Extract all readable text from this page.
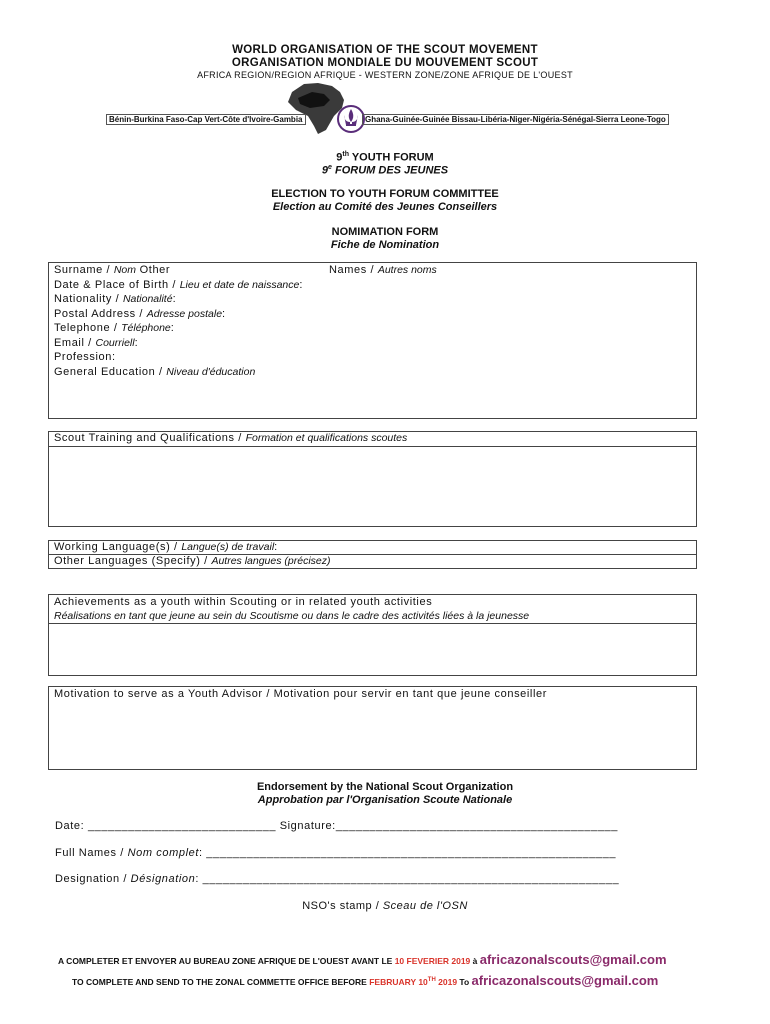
WORLD ORGANISATION OF THE SCOUT MOVEMENT
ORGANISATION MONDIALE DU MOUVEMENT SCOUT
AFRICA REGION/REGION AFRIQUE - WESTERN ZONE/ZONE AFRIQUE DE L'OUEST
Bénin-Burkina Faso-Cap Vert-Côte d'Ivoire-Gambia	Ghana-Guinée-Guinée Bissau-Libéria-Niger-Nigéria-Sénégal-Sierra Leone-Togo
9th YOUTH FORUM
9e FORUM DES JEUNES
ELECTION TO YOUTH FORUM COMMITTEE
Election au Comité des Jeunes Conseillers
NOMIMATION FORM
Fiche de Nomination
Surname / Nom Other	Names / Autres noms
Date & Place of Birth / Lieu et date de naissance:
Nationality / Nationalité:
Postal Address / Adresse postale:
Telephone / Téléphone:
Email / Courriell:
Profession:
General Education / Niveau d'éducation
Scout Training and Qualifications / Formation et qualifications scoutes
Working Language(s) / Langue(s) de travail:
Other Languages (Specify) / Autres langues (précisez)
Achievements as a youth within Scouting or in related youth activities
Réalisations en tant que jeune au sein du Scoutisme ou dans le cadre des activités liées à la jeunesse
Motivation to serve as a Youth Advisor / Motivation pour servir en tant que jeune conseiller
Endorsement by the National Scout Organization
Approbation par l'Organisation Scoute Nationale
Date: ____________________________ Signature:__________________________________________
Full Names / Nom complet: _____________________________________________________________
Designation / Désignation: ______________________________________________________________
NSO's stamp / Sceau de l'OSN
A COMPLETER ET ENVOYER AU BUREAU ZONE AFRIQUE DE L'OUEST AVANT LE 10 FEVERIER 2019 à africazonalscouts@gmail.com
TO COMPLETE AND SEND TO THE ZONAL COMMETTE OFFICE BEFORE FEBRUARY 10TH 2019 To africazonalscouts@gmail.com
